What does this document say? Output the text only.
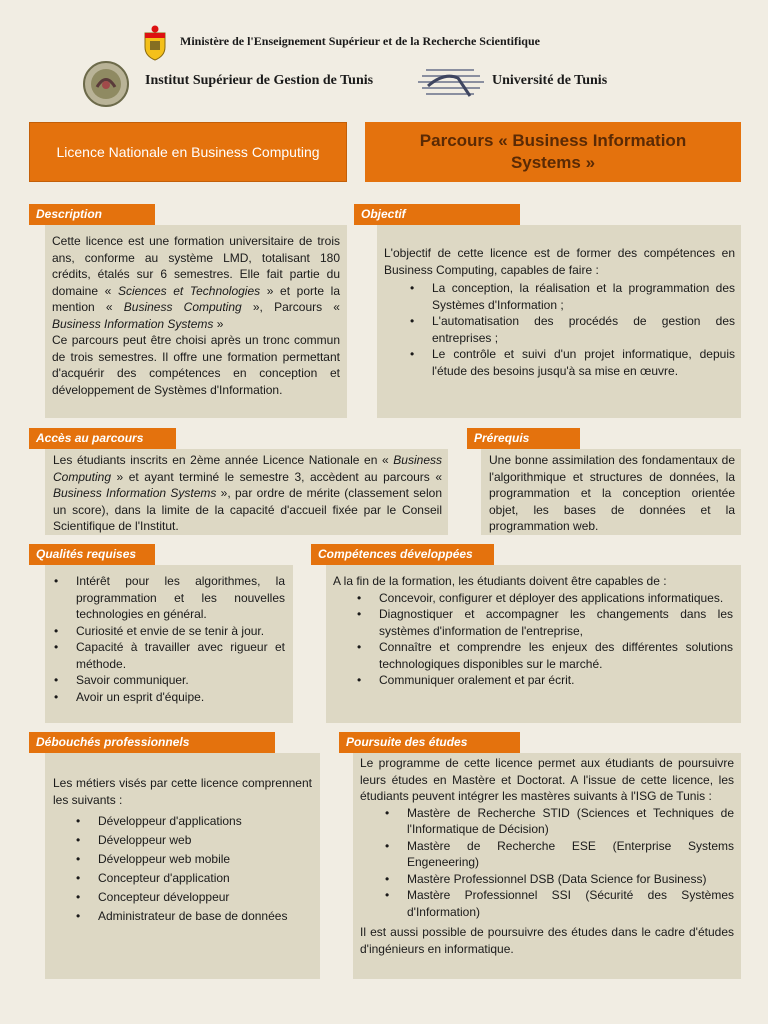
Ministère de l'Enseignement Supérieur et de la Recherche Scientifique
Institut Supérieur de Gestion de Tunis	Université de Tunis
Licence Nationale en Business Computing
Parcours « Business Information Systems »
Description

Cette licence est une formation universitaire de trois ans, conforme au système LMD, totalisant 180 crédits, étalés sur 6 semestres. Elle fait partie du domaine « Sciences et Technologies » et porte la mention « Business Computing », Parcours « Business Information Systems »

Ce parcours peut être choisi après un tronc commun de trois semestres. Il offre une formation permettant d'acquérir des compétences en conception et développement de Systèmes d'Information.

Objectif

L'objectif de cette licence est de former des compétences en Business Computing, capables de faire :

• La conception, la réalisation et la programmation des Systèmes d'Information ;
• L'automatisation des procédés de gestion des entreprises ;
• Le contrôle et suivi d'un projet informatique, depuis l'étude des besoins jusqu'à sa mise en œuvre.
Accès au parcours

Les étudiants inscrits en 2ème année Licence Nationale en « Business Computing » et ayant terminé le semestre 3, accèdent au parcours « Business Information Systems », par ordre de mérite (classement selon un score), dans la limite de la capacité d'accueil fixée par le Conseil Scientifique de l'Institut.

Prérequis

Une bonne assimilation des fondamentaux de l'algorithmique et structures de données, la programmation et la conception orientée objet, les bases de données et la programmation web.

Qualités requises
• Intérêt pour les algorithmes, la programmation et les nouvelles technologies en général.
• Curiosité et envie de se tenir à jour.
• Capacité à travailler avec rigueur et méthode.
• Savoir communiquer.
• Avoir un esprit d'équipe.
Compétences développées

A la fin de la formation, les étudiants doivent être capables de :

• Concevoir, configurer et déployer des applications informatiques.
• Diagnostiquer et accompagner les changements dans les systèmes d'information de l'entreprise,
• Connaître et comprendre les enjeux des différentes solutions technologiques disponibles sur le marché.
• Communiquer oralement et par écrit.
Débouchés professionnels

Les métiers visés par cette licence comprennent les suivants :

• Développeur d'applications
• Développeur web
• Développeur web mobile
• Concepteur d'application
• Concepteur développeur
• Administrateur de base de données
Poursuite des études

Le programme de cette licence permet aux étudiants de poursuivre leurs études en Mastère et Doctorat. A l'issue de cette licence, les étudiants peuvent intégrer les mastères suivants à l'ISG de Tunis :

• Mastère de Recherche STID (Sciences et Techniques de l'Informatique de Décision)
• Mastère de Recherche ESE (Enterprise Systems Engeneering)
• Mastère Professionnel DSB (Data Science for Business)
• Mastère Professionnel SSI (Sécurité des Systèmes d'Information)

Il est aussi possible de poursuivre des études dans le cadre d'études d'ingénieurs en informatique.
